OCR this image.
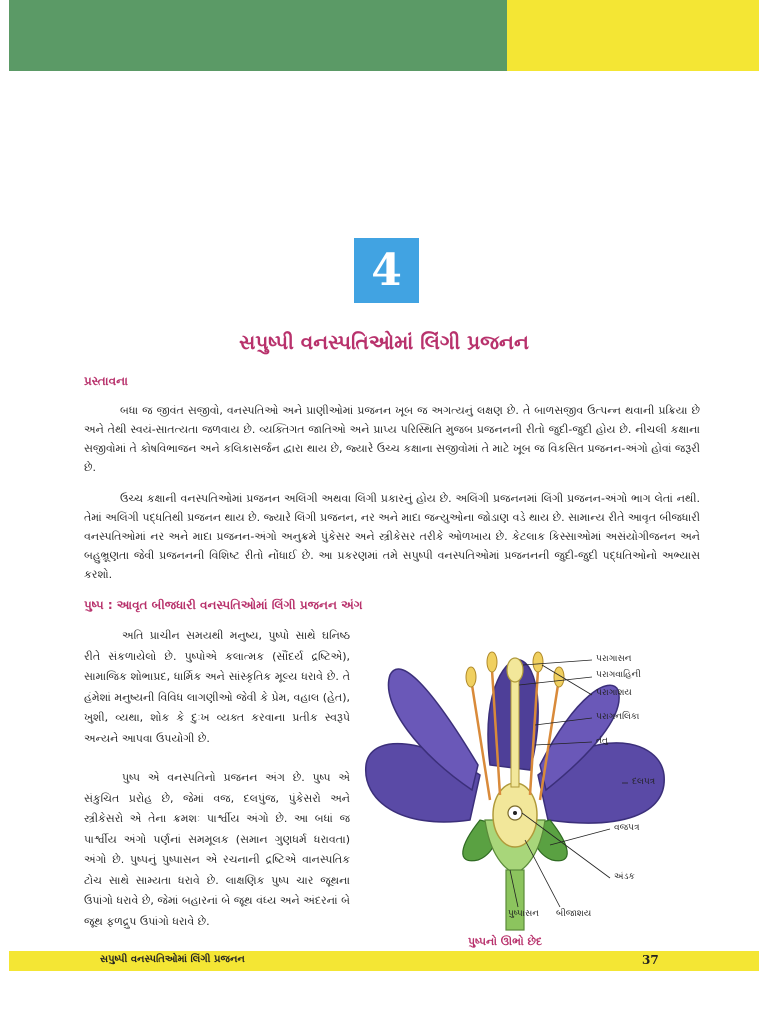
4
સપુષ્પી વનસ્પતિઓમાં લિંગી પ્રજનન
પ્રસ્તાવના

બધા જ જીવંત સજીવો, વનસ્પતિઓ અને પ્રાણીઓમાં પ્રજનન ખૂબ જ અગત્યનું લક્ષણ છે. તે બાળસજીવ ઉત્પન્ન થવાની પ્રક્રિયા છે અને તેથી સ્વયં-સાતત્યતા જળવાય છે. વ્યક્તિગત જાતિઓ અને પ્રાપ્ય પરિસ્થિતિ મુજબ પ્રજનનની રીતો જુદી-જુદી હોય છે. નીચલી કક્ષાના સજીવોમાં તે કોષવિભાજન અને કલિકાસર્જન દ્વારા થાય છે, જ્યારે ઉચ્ચ કક્ષાના સજીવોમાં તે માટે ખૂબ જ વિકસિત પ્રજનન-અંગો હોવાં જરૂરી છે.

ઉચ્ચ કક્ષાની વનસ્પતિઓમાં પ્રજનન અલિંગી અથવા લિંગી પ્રકારનું હોય છે. અલિંગી પ્રજનનમાં લિંગી પ્રજનન-અંગો ભાગ લેતાં નથી. તેમાં અલિંગી પદ્ધતિથી પ્રજનન થાય છે. જ્યારે લિંગી પ્રજનન, નર અને માદા જન્યુઓના જોડાણ વડે થાય છે. સામાન્ય રીતે આવૃત બીજધારી વનસ્પતિઓમાં નર અને માદા પ્રજનન-અંગો અનુક્રમે પુંકેસર અને સ્ત્રીકેસર તરીકે ઓળખાય છે. કેટલાક કિસ્સાઓમાં અસંયોગીજનન અને બહુભ્રૂણતા જેવી પ્રજનનની વિશિષ્ટ રીતો નોંધાઈ છે. આ પ્રકરણમાં તમે સપુષ્પી વનસ્પતિઓમાં પ્રજનનની જુદી-જુદી પદ્ધતિઓનો અભ્યાસ કરશો.

પુષ્પ : આવૃત બીજધારી વનસ્પતિઓમાં લિંગી પ્રજનન અંગ

અતિ પ્રાચીન સમયથી મનુષ્ય, પુષ્પો સાથે ઘનિષ્ઠ રીતે સંકળાયેલો છે. પુષ્પોએ કલાત્મક (સૌંદર્ય દ્રષ્ટિએ), સામાજિક શોભાપ્રદ, ધાર્મિક અને સાંસ્કૃતિક મૂલ્ય ધરાવે છે. તે હંમેશાં મનુષ્યની વિવિધ લાગણીઓ જેવી કે પ્રેમ, વહાલ (હેત), ખુશી, વ્યથા, શોક કે દુઃખ વ્યક્ત કરવાના પ્રતીક સ્વરૂપે અન્યને આપવા ઉપયોગી છે.

પુષ્પ એ વનસ્પતિનો પ્રજનન અંગ છે. પુષ્પ એ સંકુચિત પ્રરોહ છે, જેમાં વજ, દલપુંજ, પુંકેસરો અને સ્ત્રીકેસરો એ તેના ક્રમશઃ પાર્શ્વીય અંગો છે. આ બધાં જ પાર્શ્વીય અંગો પર્ણનાં સમમૂલક (સમાન ગુણધર્મ ધરાવતા) અંગો છે. પુષ્પનું પુષ્પાસન એ રચનાની દ્રષ્ટિએ વાનસ્પતિક ટોચ સાથે સામ્યતા ધરાવે છે. લાક્ષણિક પુષ્પ ચાર જૂથના ઉપાંગો ધરાવે છે, જેમાં બહારનાં બે જૂથ વંધ્ય અને અંદરનાં બે જૂથ ફળદ્રુપ ઉપાંગો ધરાવે છે.

પરાગાસન
પરાગવાહિની
પરાગાશય
પરાગનલિકા
તંતુ
દલપત્ર
વજપત્ર
અંડક
પુષ્પાસન બીજાશય
પુષ્પનો ઊભો છેદ
સપુષ્પી વનસ્પતિઓમાં લિંગી પ્રજનન	37
